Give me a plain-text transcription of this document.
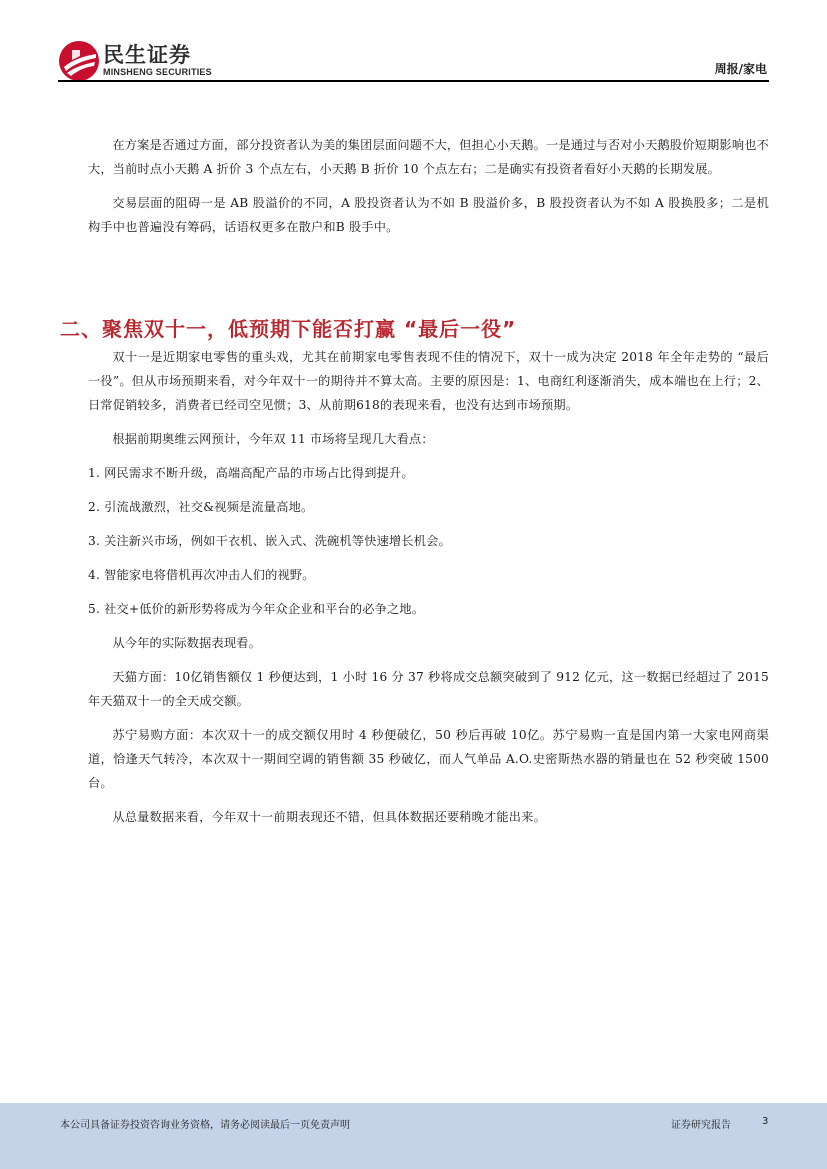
民生证券
MINSHENG SECURITIES	周报/家电

在方案是否通过方面，部分投资者认为美的集团层面问题不大，但担心小天鹅。一是通过与否对小天鹅股价短期影响也不大，当前时点小天鹅 A 折价 3 个点左右，小天鹅 B 折价 10 个点左右；二是确实有投资者看好小天鹅的长期发展。

交易层面的阻碍一是 AB 股溢价的不同，A 股投资者认为不如 B 股溢价多，B 股投资者认为不如 A 股换股多；二是机构手中也普遍没有筹码，话语权更多在散户和B 股手中。

二、聚焦双十一，低预期下能否打赢 “最后一役”

双十一是近期家电零售的重头戏，尤其在前期家电零售表现不佳的情况下，双十一成为决定 2018 年全年走势的 “最后一役”。但从市场预期来看，对今年双十一的期待并不算太高。主要的原因是：1、电商红利逐渐消失，成本端也在上行；2、日常促销较多，消费者已经司空见惯；3、从前期618的表现来看，也没有达到市场预期。

根据前期奥维云网预计，今年双 11 市场将呈现几大看点：

1. 网民需求不断升级，高端高配产品的市场占比得到提升。

2. 引流战激烈，社交&视频是流量高地。

3. 关注新兴市场，例如干衣机、嵌入式、洗碗机等快速增长机会。

4. 智能家电将借机再次冲击人们的视野。

5. 社交+低价的新形势将成为今年众企业和平台的必争之地。

从今年的实际数据表现看。

天猫方面：10亿销售额仅 1 秒便达到，1 小时 16 分 37 秒将成交总额突破到了 912 亿元，这一数据已经超过了 2015 年天猫双十一的全天成交额。

苏宁易购方面：本次双十一的成交额仅用时 4 秒便破亿，50 秒后再破 10亿。苏宁易购一直是国内第一大家电网商渠道，恰逢天气转冷，本次双十一期间空调的销售额 35 秒破亿，而人气单品 A.O.史密斯热水器的销量也在 52 秒突破 1500 台。

从总量数据来看，今年双十一前期表现还不错，但具体数据还要稍晚才能出来。

本公司具备证券投资咨询业务资格，请务必阅读最后一页免责声明	证券研究报告	3
